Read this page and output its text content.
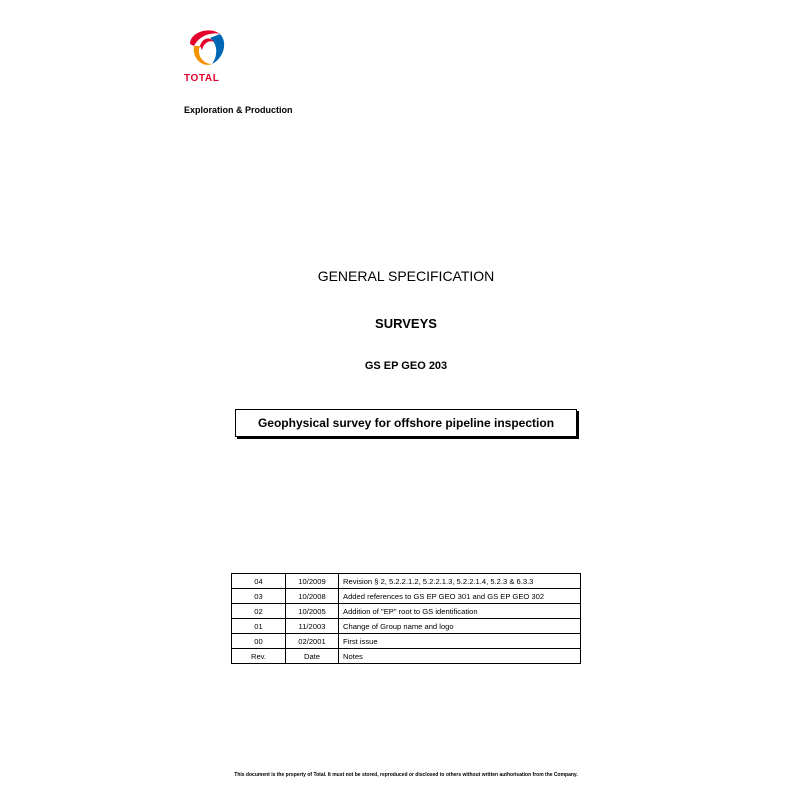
TOTAL
Exploration & Production
GENERAL SPECIFICATION
SURVEYS
GS EP GEO 203
Geophysical survey for offshore pipeline inspection
04	10/2009	Revision § 2, 5.2.2.1.2, 5.2.2.1.3, 5.2.2.1.4, 5.2.3 & 6.3.3
03	10/2008	Added references to GS EP GEO 301 and GS EP GEO 302
02	10/2005	Addition of "EP" root to GS identification
01	11/2003	Change of Group name and logo
00	02/2001	First issue
Rev.	Date	Notes
This document is the property of Total. It must not be stored, reproduced or disclosed to others without written authorisation from the Company.
